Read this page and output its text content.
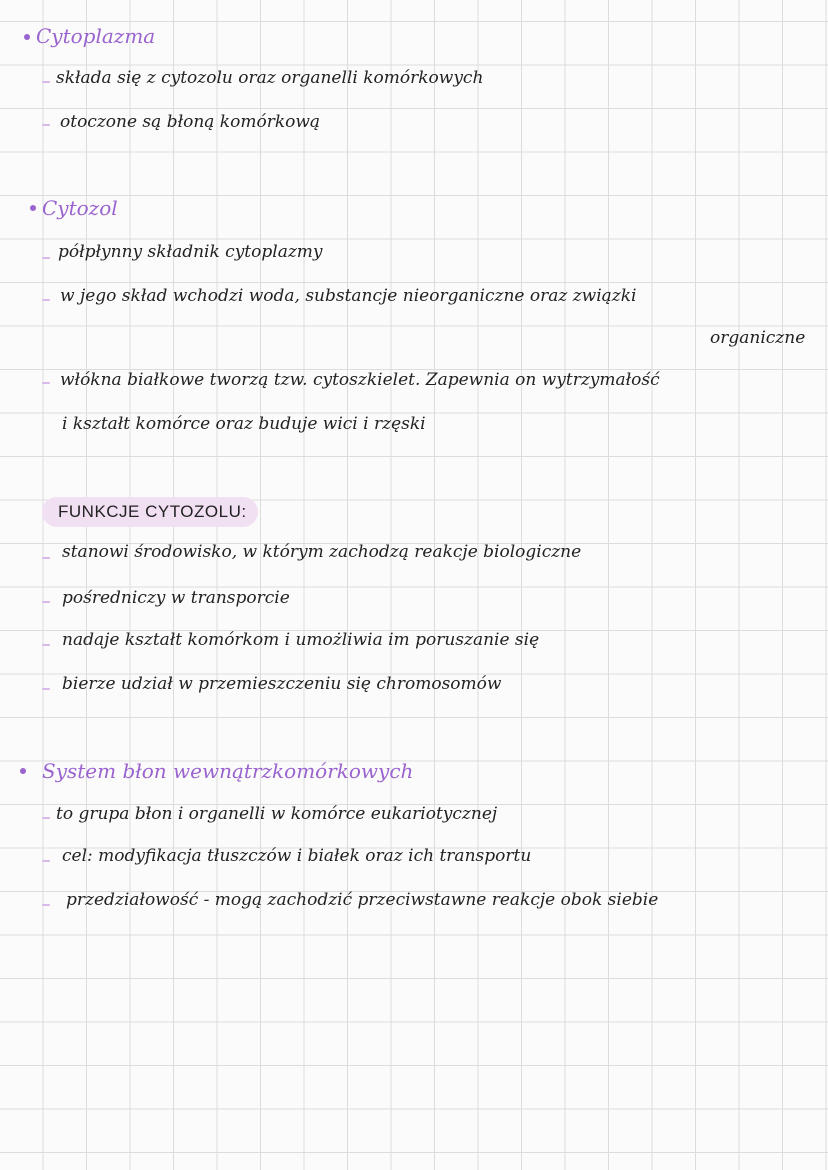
Cytoplazma
składa się z cytozolu oraz organelli komórkowych
otoczone są błoną komórkową
Cytozol
półpłynny składnik cytoplazmy
w jego skład wchodzi woda, substancje nieorganiczne oraz związki
organiczne
włókna białkowe tworzą tzw. cytoszkielet. Zapewnia on wytrzymałość
i kształt komórce oraz buduje wici i rzęski
FUNKCJE CYTOZOLU:
stanowi środowisko, w którym zachodzą reakcje biologiczne
pośredniczy w transporcie
nadaje kształt komórkom i umożliwia im poruszanie się
bierze udział w przemieszczeniu się chromosomów
System błon wewnątrzkomórkowych
to grupa błon i organelli w komórce eukariotycznej
cel: modyfikacja tłuszczów i białek oraz ich transportu
przedziałowość - mogą zachodzić przeciwstawne reakcje obok siebie
